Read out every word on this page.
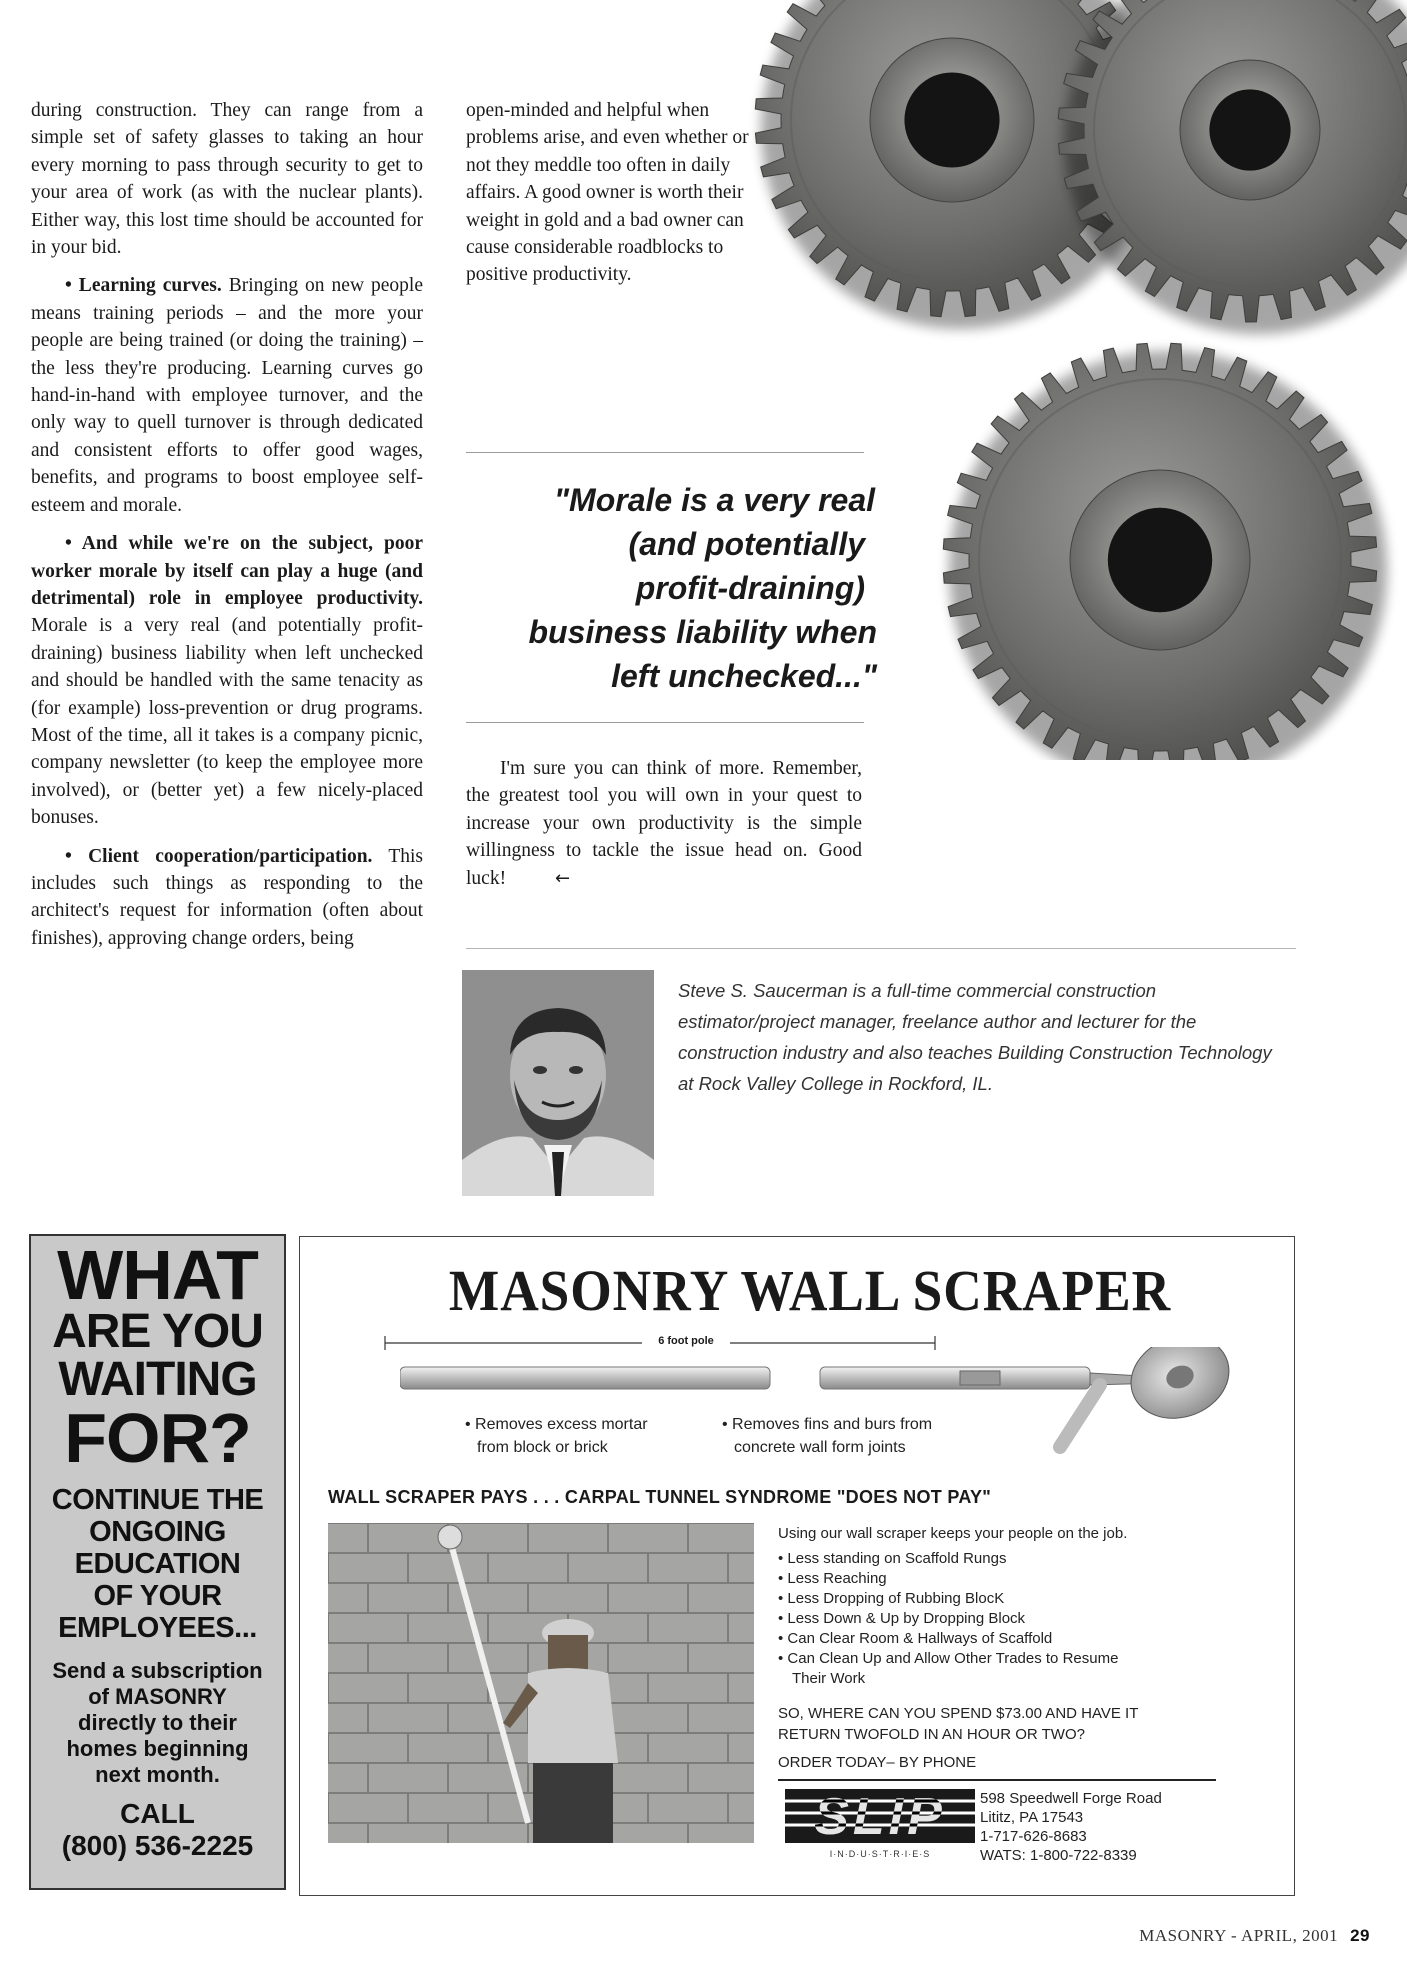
during construction. They can range from a simple set of safety glasses to taking an hour every morning to pass through security to get to your area of work (as with the nuclear plants). Either way, this lost time should be accounted for in your bid.

• Learning curves. Bringing on new people means training periods – and the more your people are being trained (or doing the training) – the less they're producing. Learning curves go hand-in-hand with employee turnover, and the only way to quell turnover is through dedicated and consistent efforts to offer good wages, benefits, and programs to boost employee self-esteem and morale.

• And while we're on the subject, poor worker morale by itself can play a huge (and detrimental) role in employee productivity. Morale is a very real (and potentially profit-draining) business liability when left unchecked and should be handled with the same tenacity as (for example) loss-prevention or drug programs. Most of the time, all it takes is a company picnic, company newsletter (to keep the employee more involved), or (better yet) a few nicely-placed bonuses.

• Client cooperation/participation. This includes such things as responding to the architect's request for information (often about finishes), approving change orders, being

open-minded and helpful when problems arise, and even whether or not they meddle too often in daily affairs. A good owner is worth their weight in gold and a bad owner can cause considerable roadblocks to positive productivity.

"Morale is a very real
(and potentially
profit-draining)
business liability when
left unchecked..."
I'm sure you can think of more. Remember, the greatest tool you will own in your quest to increase your own productivity is the simple willingness to tackle the issue head on. Good luck!	←
Steve S. Saucerman is a full-time commercial construction estimator/project manager, freelance author and lecturer for the construction industry and also teaches Building Construction Technology at Rock Valley College in Rockford, IL.
WHAT
ARE YOU
WAITING
FOR?
CONTINUE THE
ONGOING
EDUCATION
OF YOUR
EMPLOYEES...
Send a subscription
of MASONRY
directly to their
homes beginning
next month.
CALL
(800) 536-2225
MASONRY WALL SCRAPER
6 foot pole
• Removes excess mortar
from block or brick
• Removes fins and burs from
concrete wall form joints
WALL SCRAPER PAYS . . . CARPAL TUNNEL SYNDROME "DOES NOT PAY"
Using our wall scraper keeps your people on the job.
• Less standing on Scaffold Rungs
• Less Reaching
• Less Dropping of Rubbing BlocK
• Less Down & Up by Dropping Block
• Can Clear Room & Hallways of Scaffold
• Can Clean Up and Allow Other Trades to Resume
Their Work
SO, WHERE CAN YOU SPEND $73.00 AND HAVE IT
RETURN TWOFOLD IN AN HOUR OR TWO?
ORDER TODAY– BY PHONE
SLIP
I·N·D·U·S·T·R·I·E·S
598 Speedwell Forge Road
Lititz, PA 17543
1-717-626-8683
WATS: 1-800-722-8339
MASONRY - APRIL, 2001 29
